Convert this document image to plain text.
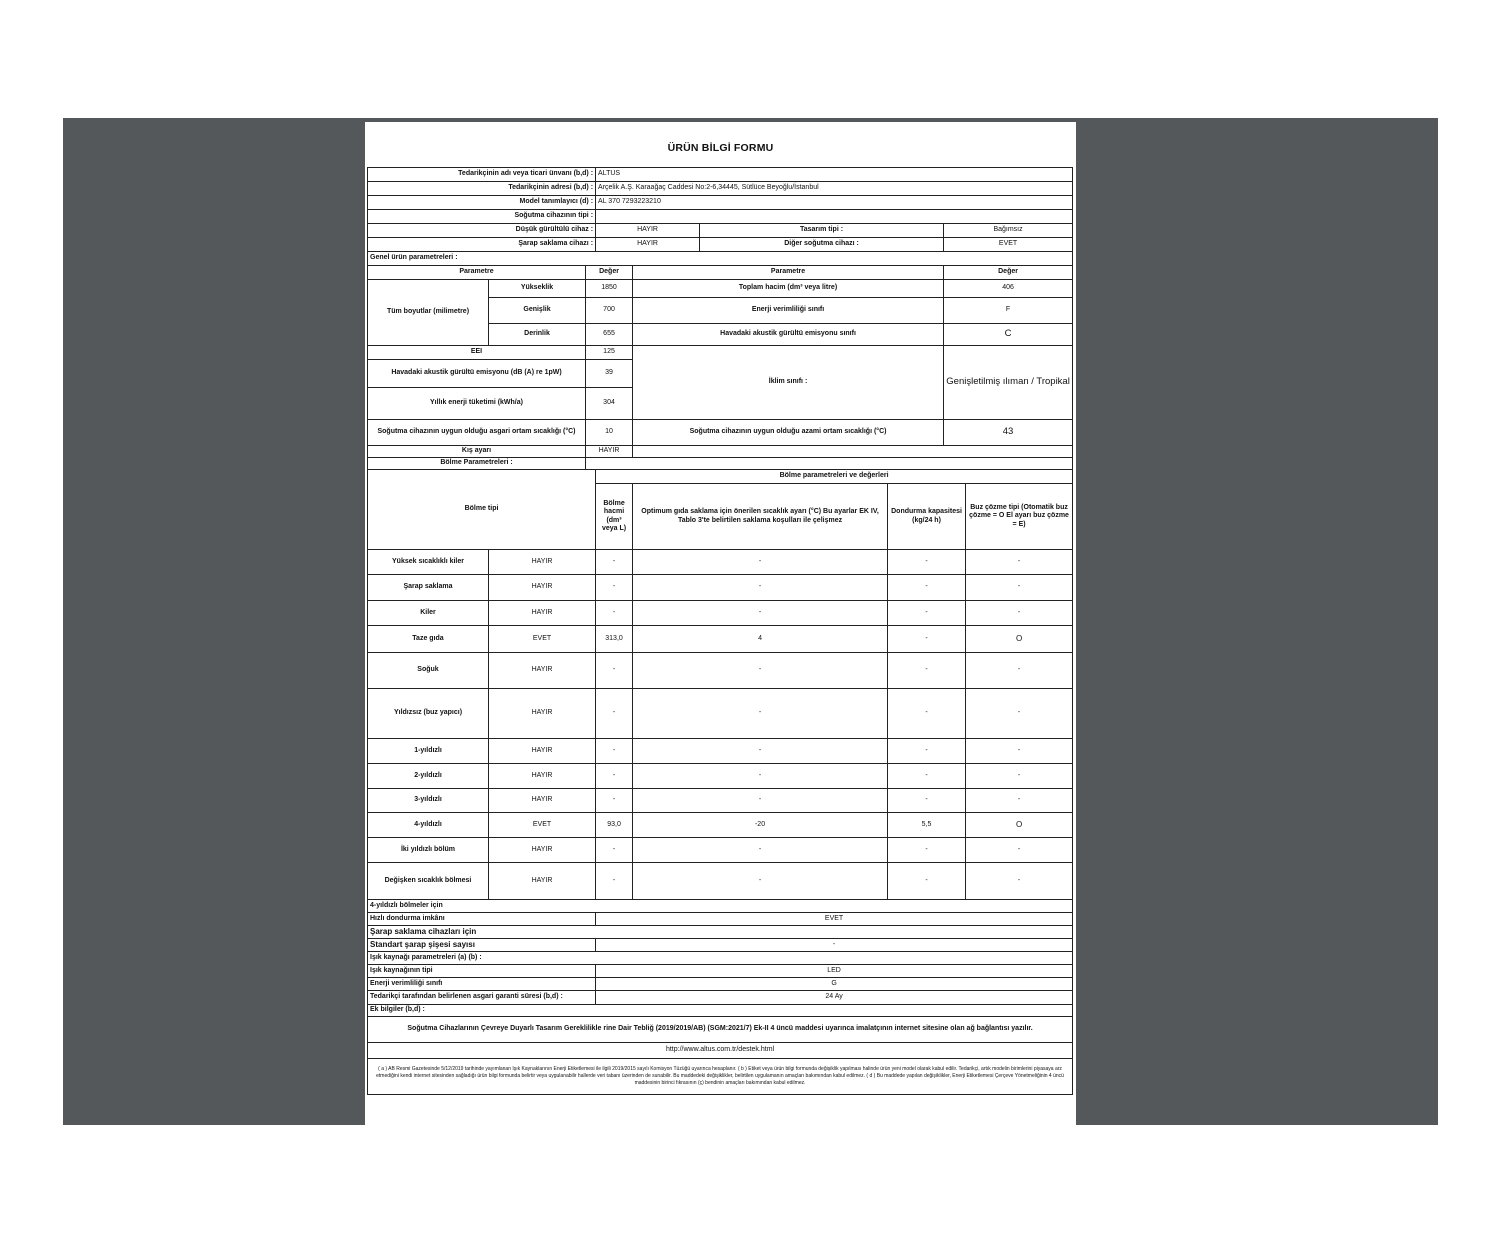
ÜRÜN BİLGİ FORMU
Tedarikçinin adı veya ticari ünvanı (b,d) :			ALTUS					
Tedarikçinin adresi (b,d) :			Arçelik A.Ş. Karaağaç Caddesi No:2-6,34445, Sütlüce Beyoğlu/İstanbul					
Model tanımlayıcı (d) :			AL 370 7293223210					
Soğutma cihazının tipi :								
Düşük gürültülü cihaz :			HAYIR		Tasarım tipi :		Bağımsız	
Şarap saklama cihazı :			HAYIR		Diğer soğutma cihazı :		EVET	
Genel ürün parametreleri :								
Parametre		Değer		Parametre			Değer	
Tüm boyutlar (milimetre)	Yükseklik	1850		Toplam hacim (dm³ veya litre)			406	
	Genişlik	700		Enerji verimliliği sınıfı			F	
	Derinlik	655		Havadaki akustik gürültü emisyonu sınıfı			C	
EEI		125		İklim sınıfı :			Genişletilmiş ılıman / Tropikal	
Havadaki akustik gürültü emisyonu (dB (A) re 1pW)		39						
Yıllık enerji tüketimi (kWh/a)		304						
Soğutma cihazının uygun olduğu asgari ortam sıcaklığı (°C)		10		Soğutma cihazının uygun olduğu azami ortam sıcaklığı (°C)			43	
Kış ayarı		HAYIR						
Bölme Parametreleri :								
Bölme tipi			Bölme parametreleri ve değerleri					
			Bölme hacmi (dm³ veya L)	Optimum gıda saklama için önerilen sıcaklık ayarı (°C) Bu ayarlar EK IV, Tablo 3'te belirtilen saklama koşulları ile çelişmez		Dondurma kapasitesi (kg/24 h)		Buz çözme tipi (Otomatik buz çözme = O El ayarı buz çözme = E)
Yüksek sıcaklıklı kiler	HAYIR		-	-		-		-
Şarap saklama	HAYIR		-	-		-		-
Kiler	HAYIR		-	-		-		-
Taze gıda	EVET		313,0	4		-		O
Soğuk	HAYIR		-	-		-		-
Yıldızsız (buz yapıcı)	HAYIR		-	-		-		-
1-yıldızlı	HAYIR		-	-		-		-
2-yıldızlı	HAYIR		-	-		-		-
3-yıldızlı	HAYIR		-	-		-		-
4-yıldızlı	EVET		93,0	-20		5,5		O
İki yıldızlı bölüm	HAYIR		-	-		-		-
Değişken sıcaklık bölmesi	HAYIR		-	-		-		-
4-yıldızlı bölmeler için								
Hızlı dondurma imkânı			EVET					
Şarap saklama cihazları için								
Standart şarap şişesi sayısı			-					
Işık kaynağı parametreleri (a) (b) :								
Işık kaynağının tipi			LED					
Enerji verimliliği sınıfı			G					
Tedarikçi tarafından belirlenen asgari garanti süresi (b,d) :			24 Ay					
Ek bilgiler (b,d) :								
Soğutma Cihazlarının Çevreye Duyarlı Tasarım Gereklilikle rine Dair Tebliğ (2019/2019/AB) (SGM:2021/7) Ek-II 4 üncü maddesi uyarınca imalatçının internet sitesine olan ağ bağlantısı yazılır.								
http://www.altus.com.tr/destek.html								
( a ) AB Resmi Gazetesinde 5/12/2019 tarihinde yayımlanan Işık Kaynaklarının Enerji Etiketlemesi ile ilgili 2019/2015 sayılı Komisyon Tüzüğü uyarınca hesaplanır. ( b ) Etiket veya ürün bilgi formunda değişiklik yapılması halinde ürün yeni model olarak kabul edilir. Tedarikçi, artık modelin birimlerini piyasaya arz etmediğini kendi internet sitesinden sağladığı ürün bilgi formunda belirtir veya uygulanabilir hallerde veri tabanı üzerinden de sunabilir. Bu maddedeki değişiklikler, belirtilen uygulamanın amaçları bakımından kabul edilmez. ( d ) Bu maddede yapılan değişiklikler, Enerji Etiketlemesi Çerçeve Yönetmeliğinin 4 üncü maddesinin birinci fıkrasının (ç) bendinin amaçları bakımından kabul edilmez.								
